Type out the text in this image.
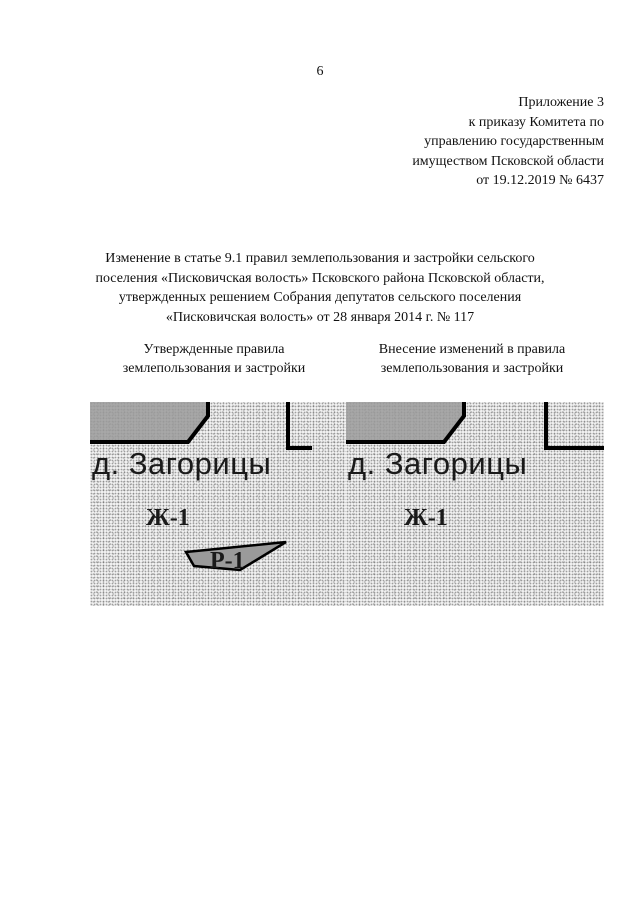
6
Приложение 3
к приказу Комитета по
управлению государственным
имуществом Псковской области
от 19.12.2019 № 6437
Изменение в статье 9.1 правил землепользования и застройки сельского
поселения «Писковичская волость» Псковского района Псковской области,
утвержденных решением Собрания депутатов сельского поселения
«Писковичская волость» от 28 января 2014 г. № 117
Утвержденные правила
землепользования и застройки
Внесение изменений в правила
землепользования и застройки
д. Загорицы
Ж-1
Р-1
д. Загорицы
Ж-1
